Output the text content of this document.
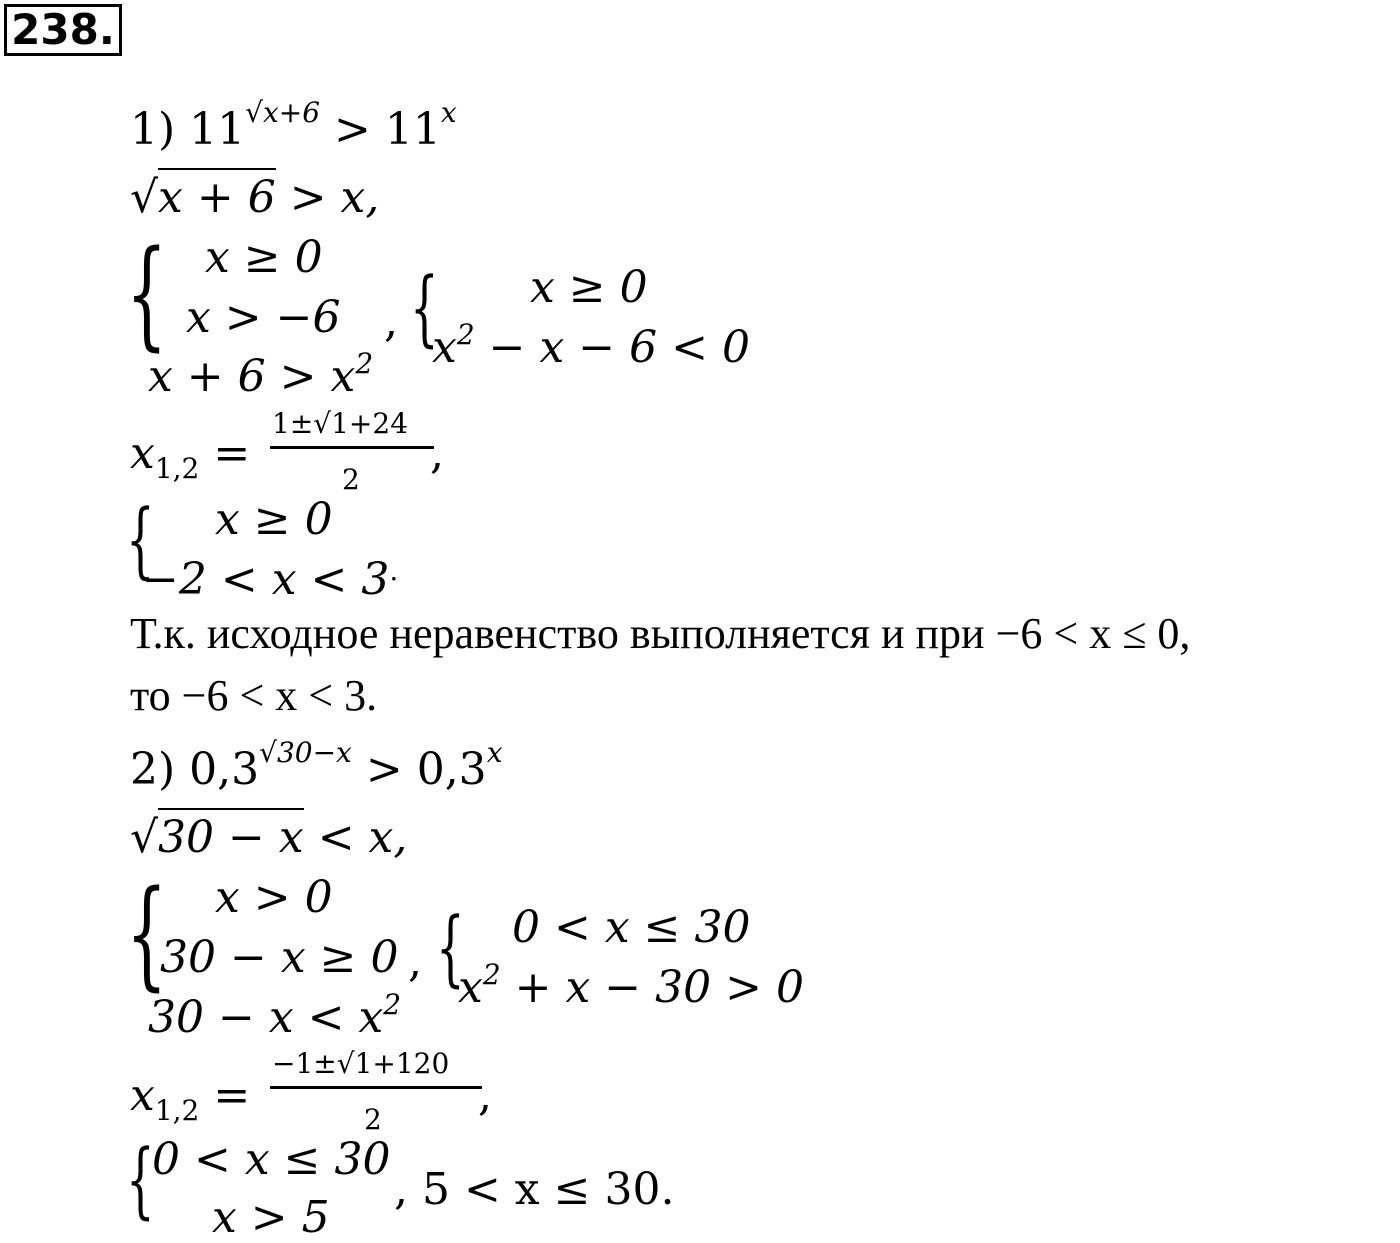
238.
1) $11^{√x+6} > 11^x$
√x + 6 > x,
{ x ≥ 0
x > −6
$x + 6 > x^2$
, { x ≥ 0
$x^2 - x - 6 < 0$
$x_{1,2}$ =
1±√1+24
2
,
{ x ≥ 0
−2 < x < 3.
Т.к. исходное неравенство выполняется и при −6 < x ≤ 0,
то −6 < x < 3.
2) $0,3^{√30-x} > 0,3^x$
√30 − x < x,
{ x > 0
30 − x ≥ 0
$30 - x < x^2$
, { 0 < x ≤ 30
$x^2 + x - 30 > 0$
$x_{1,2}$ =
−1±√1+120
2 ,
{
0 < x ≤ 30
x > 5
, 5 < x ≤ 30.
